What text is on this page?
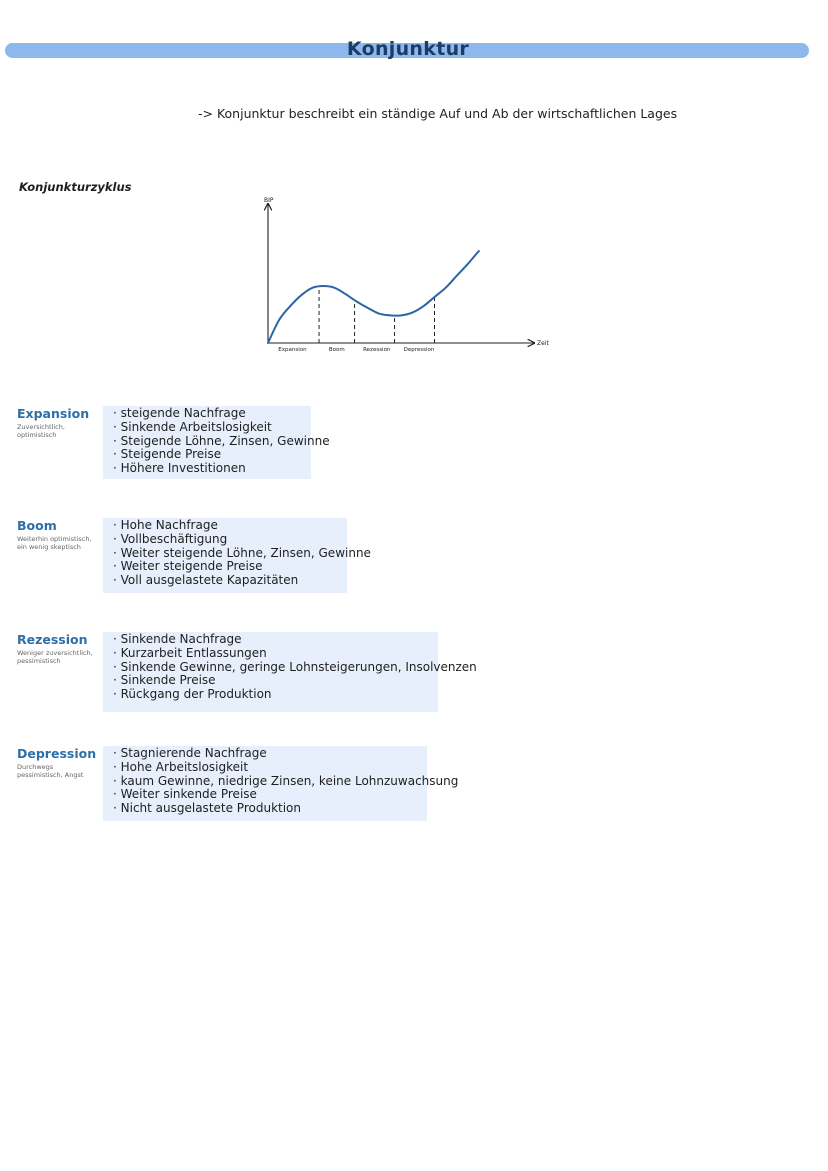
Konjunktur
-> Konjunktur beschreibt ein ständige Auf und Ab der wirtschaftlichen Lages
Konjunkturzyklus
BIP
Zeit
Expansion	Boom	Rezession Depression
Expansion
Zuversichtlich, optimistisch
· steigende Nachfrage
· Sinkende Arbeitslosigkeit
· Steigende Löhne, Zinsen, Gewinne
· Steigende Preise
· Höhere Investitionen
Boom
Weiterhin optimistisch, ein wenig skeptisch
· Hohe Nachfrage
· Vollbeschäftigung
· Weiter steigende Löhne, Zinsen, Gewinne
· Weiter steigende Preise
· Voll ausgelastete Kapazitäten
Rezession
Weniger zuversichtlich, pessimistisch
· Sinkende Nachfrage
· Kurzarbeit Entlassungen
· Sinkende Gewinne, geringe Lohnsteigerungen, Insolvenzen
· Sinkende Preise
· Rückgang der Produktion
Depression
Durchwegs pessimistisch, Angst
· Stagnierende Nachfrage
· Hohe Arbeitslosigkeit
· kaum Gewinne, niedrige Zinsen, keine Lohnzuwachsung
· Weiter sinkende Preise
· Nicht ausgelastete Produktion
